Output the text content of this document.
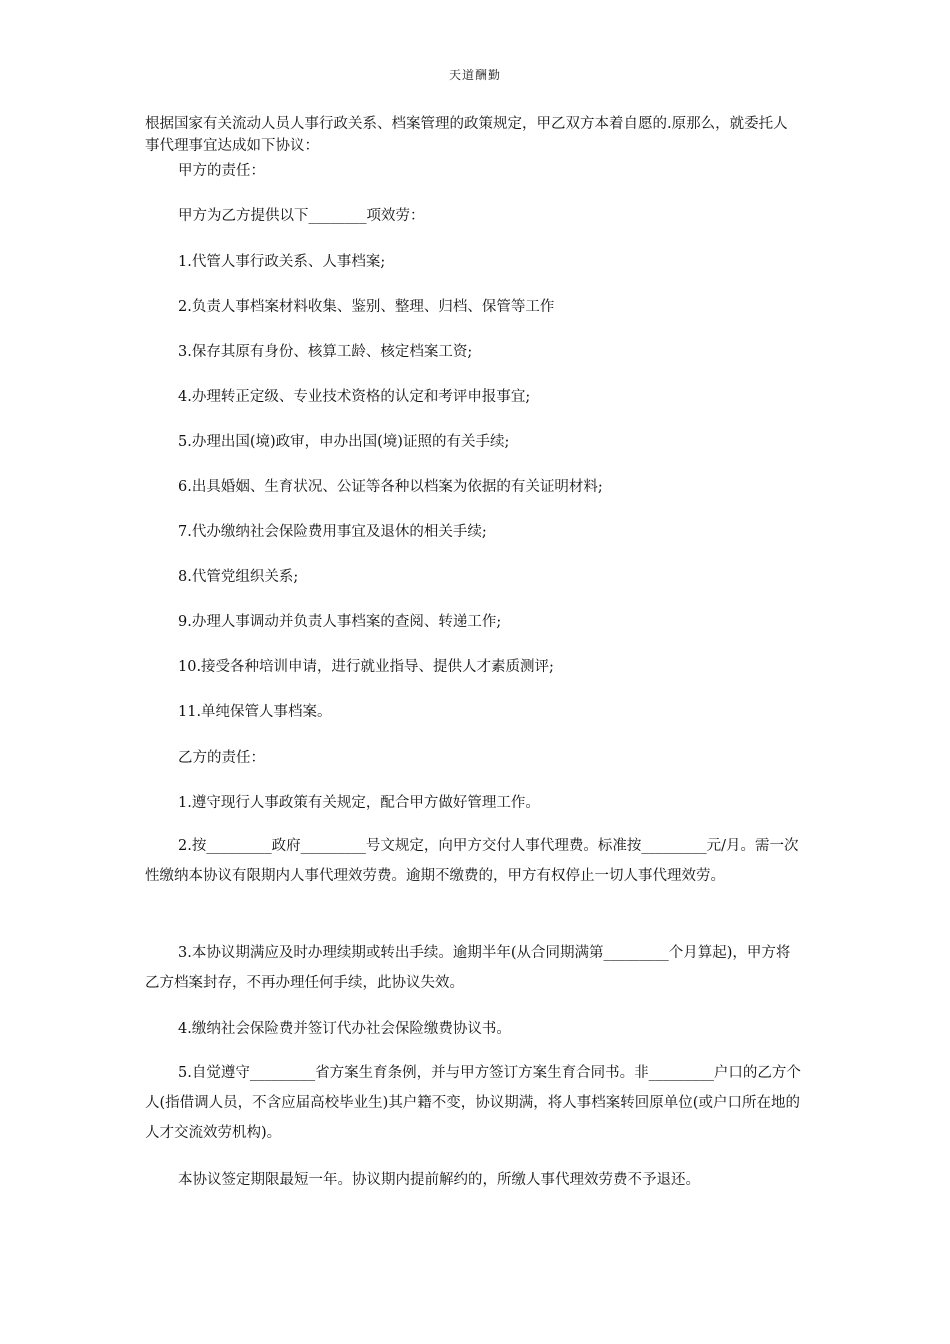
天道酬勤
根据国家有关流动人员人事行政关系、档案管理的政策规定，甲乙双方本着自愿的.原那么，就委托人事代理事宜达成如下协议：

甲方的责任：

甲方为乙方提供以下________项效劳：

1.代管人事行政关系、人事档案;

2.负责人事档案材料收集、鉴别、整理、归档、保管等工作

3.保存其原有身份、核算工龄、核定档案工资;

4.办理转正定级、专业技术资格的认定和考评申报事宜;

5.办理出国(境)政审，申办出国(境)证照的有关手续;

6.出具婚姻、生育状况、公证等各种以档案为依据的有关证明材料;

7.代办缴纳社会保险费用事宜及退休的相关手续;

8.代管党组织关系;

9.办理人事调动并负责人事档案的查阅、转递工作;

10.接受各种培训申请，进行就业指导、提供人才素质测评;

11.单纯保管人事档案。

乙方的责任：

1.遵守现行人事政策有关规定，配合甲方做好管理工作。

2.按_________政府_________号文规定，向甲方交付人事代理费。标准按_________元/月。需一次性缴纳本协议有限期内人事代理效劳费。逾期不缴费的，甲方有权停止一切人事代理效劳。

3.本协议期满应及时办理续期或转出手续。逾期半年(从合同期满第_________个月算起)，甲方将乙方档案封存，不再办理任何手续，此协议失效。

4.缴纳社会保险费并签订代办社会保险缴费协议书。

5.自觉遵守_________省方案生育条例，并与甲方签订方案生育合同书。非_________户口的乙方个人(指借调人员，不含应届高校毕业生)其户籍不变，协议期满，将人事档案转回原单位(或户口所在地的人才交流效劳机构)。

本协议签定期限最短一年。协议期内提前解约的，所缴人事代理效劳费不予退还。
